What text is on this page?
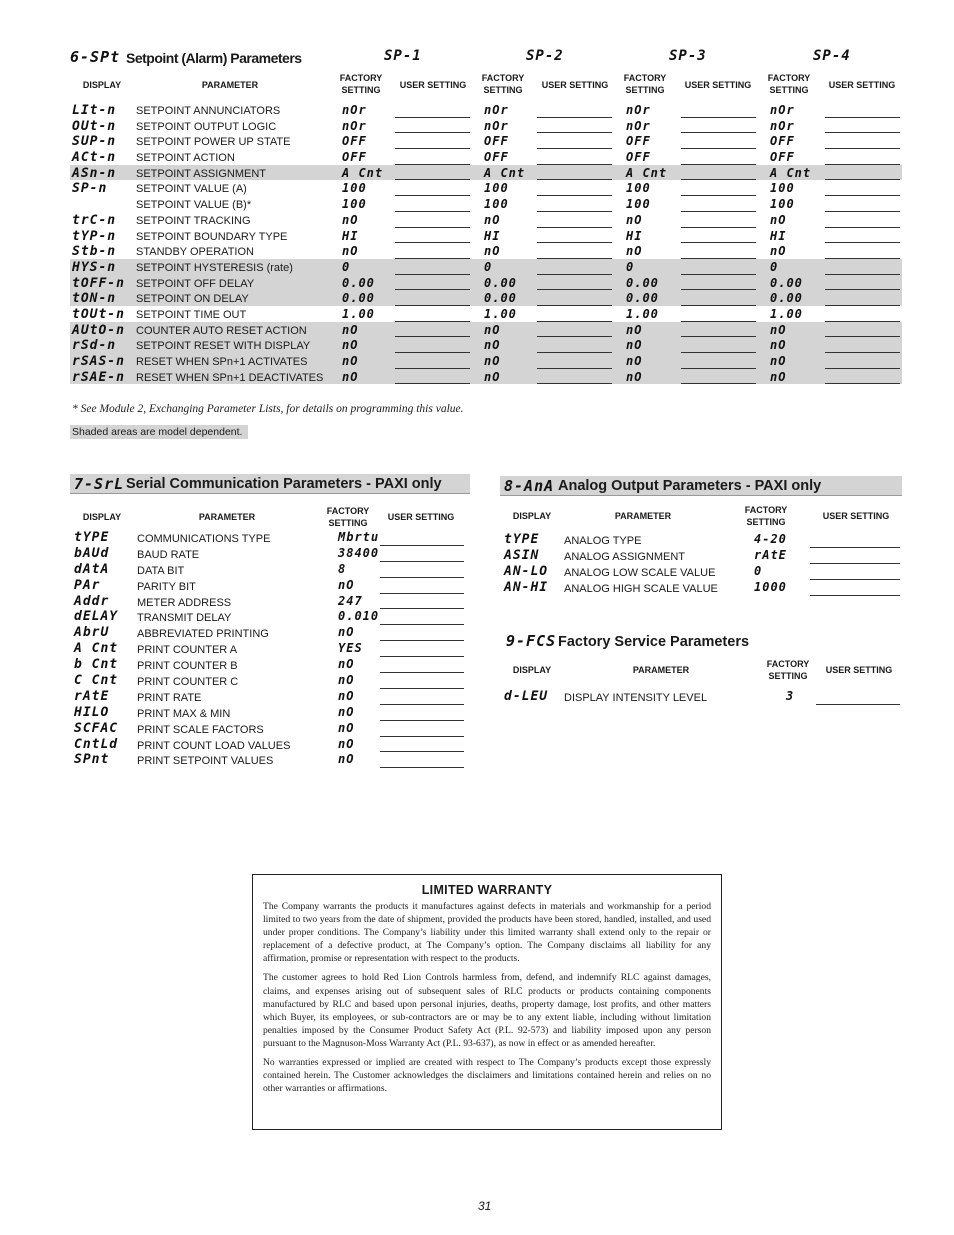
6-SPt Setpoint (Alarm) Parameters	SP-1	SP-2	SP-3	SP-4
DISPLAY	PARAMETER
FACTORY
SETTING	USER SETTING
FACTORY
SETTING	USER SETTING
FACTORY
SETTING	USER SETTING
FACTORY
SETTING	USER SETTING
LIt-n SETPOINT ANNUNCIATORS	nOr	nOr	nOr	nOr
OUt-n SETPOINT OUTPUT LOGIC	nOr	nOr	nOr	nOr
SUP-n SETPOINT POWER UP STATE	OFF	OFF	OFF	OFF
ACt-n SETPOINT ACTION	OFF	OFF	OFF	OFF
ASn-n SETPOINT ASSIGNMENT	A Cnt	A Cnt	A Cnt	A Cnt
SP-n	SETPOINT VALUE (A)	100	100	100	100
SETPOINT VALUE (B)*	100	100	100	100
trC-n SETPOINT TRACKING	nO	nO	nO	nO
tYP-n SETPOINT BOUNDARY TYPE	HI	HI	HI	HI
Stb-n STANDBY OPERATION	nO	nO	nO	nO
HYS-n SETPOINT HYSTERESIS (rate)	0	0	0	0
tOFF-n SETPOINT OFF DELAY	0.00	0.00	0.00	0.00
tON-n SETPOINT ON DELAY	0.00	0.00	0.00	0.00
tOUt-n SETPOINT TIME OUT	1.00	1.00	1.00	1.00
AUtO-n COUNTER AUTO RESET ACTION	nO	nO	nO	nO
rSd-n SETPOINT RESET WITH DISPLAY	nO	nO	nO	nO
rSAS-n RESET WHEN SPn+1 ACTIVATES	nO	nO	nO	nO
rSAE-n RESET WHEN SPn+1 DEACTIVATES nO	nO	nO	nO
* See Module 2, Exchanging Parameter Lists, for details on programming this value.
Shaded areas are model dependent.
7-SrL Serial Communication Parameters - PAXI only
DISPLAY	PARAMETER
FACTORY
SETTING
USER SETTING
tYPE	COMMUNICATIONS TYPE	Mbrtu
bAUd	BAUD RATE	38400
dAtA	DATA BIT	8
PAr	PARITY BIT	nO
Addr	METER ADDRESS	247
dELAY TRANSMIT DELAY	0.010
AbrU	ABBREVIATED PRINTING	nO
A Cnt PRINT COUNTER A	YES
b Cnt PRINT COUNTER B	nO
C Cnt PRINT COUNTER C	nO
rAtE	PRINT RATE	nO
HILO	PRINT MAX & MIN	nO
SCFAC PRINT SCALE FACTORS	nO
CntLd PRINT COUNT LOAD VALUES	nO
SPnt	PRINT SETPOINT VALUES	nO
8-AnA Analog Output Parameters - PAXI only
DISPLAY	PARAMETER
FACTORY
SETTING
USER SETTING
tYPE ANALOG TYPE	4-20
ASIN ANALOG ASSIGNMENT	rAtE
AN-LO ANALOG LOW SCALE VALUE	0
AN-HI ANALOG HIGH SCALE VALUE	1000
9-FCS Factory Service Parameters
DISPLAY	PARAMETER
FACTORY
SETTING
USER SETTING
d-LEU DISPLAY INTENSITY LEVEL	3
LIMITED WARRANTY

The Company warrants the products it manufactures against defects in materials and workmanship for a period limited to two years from the date of shipment, provided the products have been stored, handled, installed, and used under proper conditions. The Company’s liability under this limited warranty shall extend only to the repair or replacement of a defective product, at The Company’s option. The Company disclaims all liability for any affirmation, promise or representation with respect to the products.

The customer agrees to hold Red Lion Controls harmless from, defend, and indemnify RLC against damages, claims, and expenses arising out of subsequent sales of RLC products or products containing components manufactured by RLC and based upon personal injuries, deaths, property damage, lost profits, and other matters which Buyer, its employees, or sub-contractors are or may be to any extent liable, including without limitation penalties imposed by the Consumer Product Safety Act (P.L. 92-573) and liability imposed upon any person pursuant to the Magnuson-Moss Warranty Act (P.L. 93-637), as now in effect or as amended hereafter.

No warranties expressed or implied are created with respect to The Company’s products except those expressly contained herein. The Customer acknowledges the disclaimers and limitations contained herein and relies on no other warranties or affirmations.

31
